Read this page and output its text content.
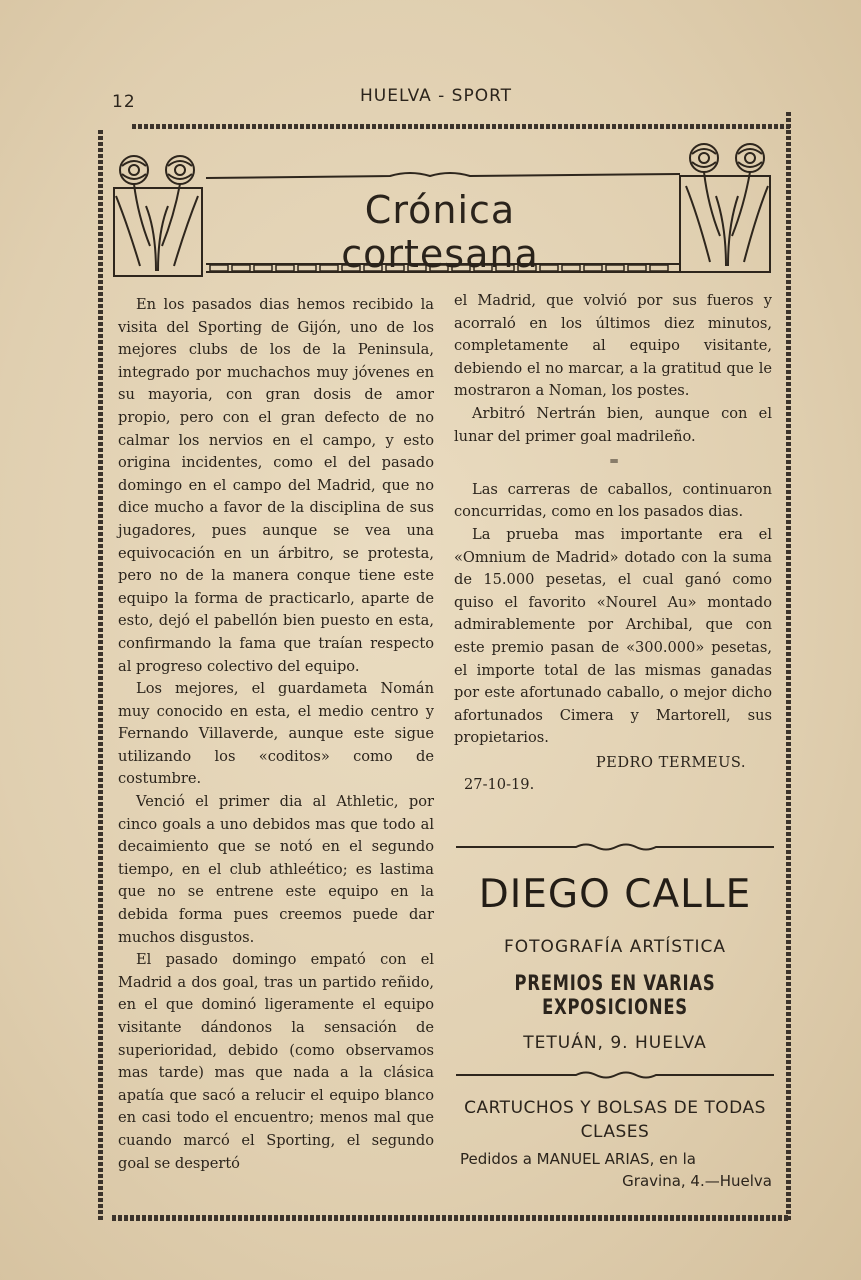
12	HUELVA - SPORT
Crónica cortesana

En los pasados dias hemos recibido la visita del Sporting de Gijón, uno de los mejores clubs de los de la Peninsula, integrado por muchachos muy jóvenes en su mayoria, con gran dosis de amor propio, pero con el gran defecto de no calmar los nervios en el campo, y esto origina incidentes, como el del pasado domingo en el campo del Madrid, que no dice mucho a favor de la disciplina de sus jugadores, pues aunque se vea una equivocación en un árbitro, se protesta, pero no de la manera conque tiene este equipo la forma de practicarlo, aparte de esto, dejó el pabellón bien puesto en esta, confirmando la fama que traían respecto al progreso colectivo del equipo.

Los mejores, el guardameta Nomán muy conocido en esta, el medio centro y Fernando Villaverde, aunque este sigue utilizando los «coditos» como de costumbre.

Venció el primer dia al Athletic, por cinco goals a uno debidos mas que todo al decaimiento que se notó en el segundo tiempo, en el club athleético; es lastima que no se entrene este equipo en la debida forma pues creemos puede dar muchos disgustos.

El pasado domingo empató con el Madrid a dos goal, tras un partido reñido, en el que dominó ligeramente el equipo visitante dándonos la sensación de superioridad, debido (como observamos mas tarde) mas que nada a la clásica apatía que sacó a relucir el equipo blanco en casi todo el encuentro; menos mal que cuando marcó el Sporting, el segundo goal se despertó

el Madrid, que volvió por sus fueros y acorraló en los últimos diez minutos, completamente al equipo visitante, debiendo el no marcar, a la gratitud que le mostraron a Noman, los postes.

Arbitró Nertrán bien, aunque con el lunar del primer goal madrileño.

═

Las carreras de caballos, continuaron concurridas, como en los pasados dias.

La prueba mas importante era el «Omnium de Madrid» dotado con la suma de 15.000 pesetas, el cual ganó como quiso el favorito «Nourel Au» montado admirablemente por Archibal, que con este premio pasan de «300.000» pesetas, el importe total de las mismas ganadas por este afortunado caballo, o mejor dicho afortunados Cimera y Martorell, sus propietarios.

PEDRO TERMEUS.
27-10-19.
DIEGO CALLE
FOTOGRAFÍA ARTÍSTICA
PREMIOS EN VARIAS EXPOSICIONES
TETUÁN, 9. HUELVA
CARTUCHOS Y BOLSAS DE TODAS CLASES
Pedidos a MANUEL ARIAS, en la
Gravina, 4.—Huelva
